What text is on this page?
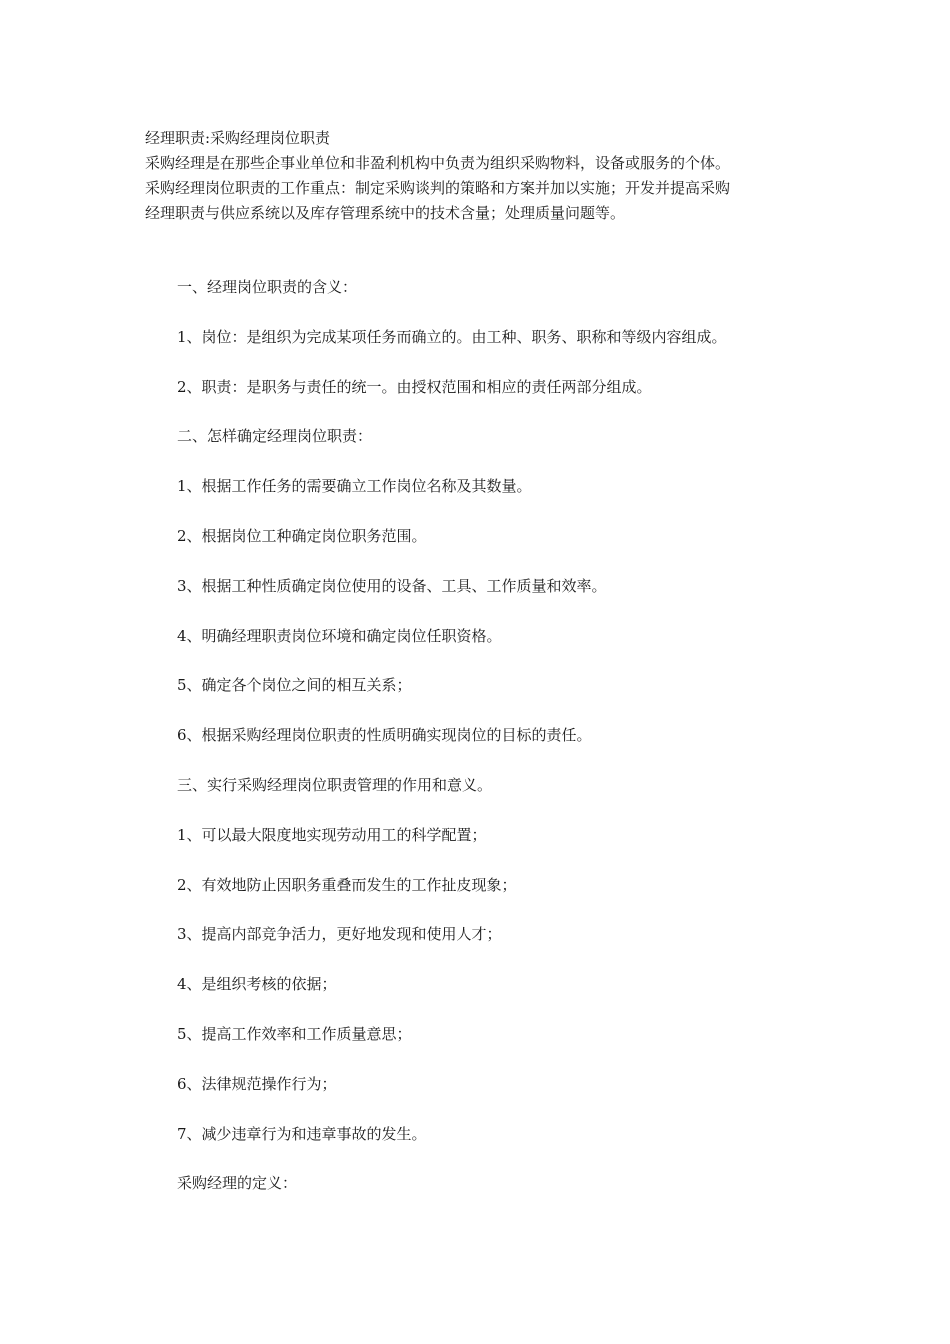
经理职责:采购经理岗位职责

采购经理是在那些企事业单位和非盈利机构中负责为组织采购物料，设备或服务的个体。

采购经理岗位职责的工作重点：制定采购谈判的策略和方案并加以实施；开发并提高采购

经理职责与供应系统以及库存管理系统中的技术含量；处理质量问题等。

一、经理岗位职责的含义：

1、岗位：是组织为完成某项任务而确立的。由工种、职务、职称和等级内容组成。

2、职责：是职务与责任的统一。由授权范围和相应的责任两部分组成。

二、怎样确定经理岗位职责：

1、根据工作任务的需要确立工作岗位名称及其数量。

2、根据岗位工种确定岗位职务范围。

3、根据工种性质确定岗位使用的设备、工具、工作质量和效率。

4、明确经理职责岗位环境和确定岗位任职资格。

5、确定各个岗位之间的相互关系；

6、根据采购经理岗位职责的性质明确实现岗位的目标的责任。

三、实行采购经理岗位职责管理的作用和意义。

1、可以最大限度地实现劳动用工的科学配置；

2、有效地防止因职务重叠而发生的工作扯皮现象；

3、提高内部竞争活力，更好地发现和使用人才；

4、是组织考核的依据；

5、提高工作效率和工作质量意思；

6、法律规范操作行为；

7、减少违章行为和违章事故的发生。

采购经理的定义：
